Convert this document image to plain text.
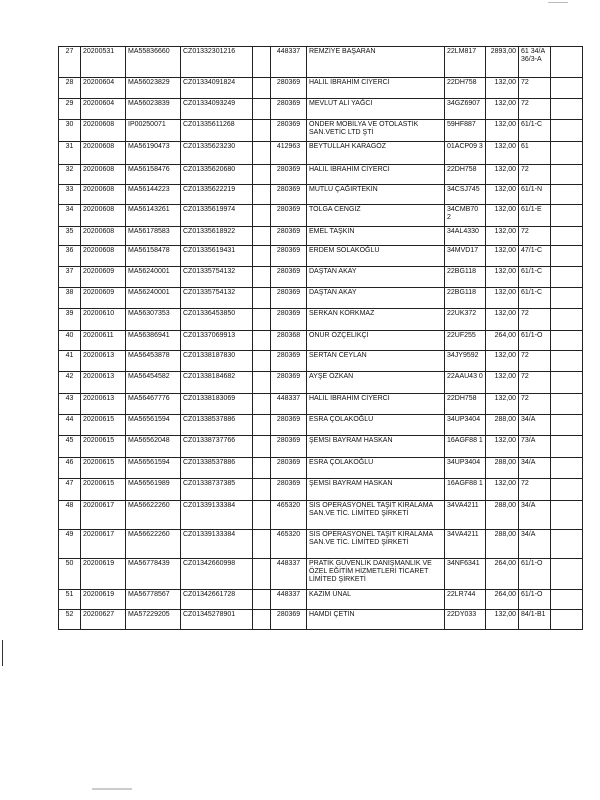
27	20200531	MA55836660	CZ01332301216		448337	REMZİYE BAŞARAN	22LM817	2893,00	61 34/A 36/3-A	
28	20200604	MA56023829	CZ01334091824		280369	HALİL İBRAHİM CİYERCİ	22DH758	132,00	72	
29	20200604	MA56023839	CZ01334093249		280369	MEVLÜT ALİ YAĞCI	34GZ6907	132,00	72	
30	20200608	IP00250071	CZ01335611268		280369	ÖNDER MOBİLYA VE OTOLASTİK SAN.VETİC LTD ŞTİ	59HF887	132,00	61/1-C	
31	20200608	MA56190473	CZ01335623230		412963	BEYTULLAH KARAGÖZ	01ACP09 3	132,00	61	
32	20200608	MA56158476	CZ01335620680		280369	HALİL İBRAHİM CİYERCİ	22DH758	132,00	72	
33	20200608	MA56144223	CZ01335622219		280369	MUTLU ÇAĞIRTEKİN	34CSJ745	132,00	61/1-N	
34	20200608	MA56143261	CZ01335619974		280369	TOLGA CENGİZ	34CMB70 2	132,00	61/1-E	
35	20200608	MA56178583	CZ01335618922		280369	EMEL TAŞKIN	34AL4330	132,00	72	
36	20200608	MA56158478	CZ01335619431		280369	ERDEM SOLAKOĞLU	34MVD17	132,00	47/1-C	
37	20200609	MA56240001	CZ01335754132		280369	DAŞTAN AKAY	22BG118	132,00	61/1-C	
38	20200609	MA56240001	CZ01335754132		280369	DAŞTAN AKAY	22BG118	132,00	61/1-C	
39	20200610	MA56307353	CZ01336453850		280369	SERKAN KORKMAZ	22UK372	132,00	72	
40	20200611	MA56386941	CZ01337069913		280368	ONUR ÖZÇELİKÇİ	22UF255	264,00	61/1-O	
41	20200613	MA56453878	CZ01338187830		280369	SERTAN CEYLAN	34JY9592	132,00	72	
42	20200613	MA56454582	CZ01338184682		280369	AYŞE ÖZKAN	22AAU43 0	132,00	72	
43	20200613	MA56467776	CZ01338183069		448337	HALİL İBRAHİM CİYERCİ	22DH758	132,00	72	
44	20200615	MA56561594	CZ01338537886		280369	ESRA ÇOLAKOĞLU	34UP3404	288,00	34/A	
45	20200615	MA56562048	CZ01338737766		280369	ŞEMSİ BAYRAM HASKAN	16AGF88 1	132,00	73/A	
46	20200615	MA56561594	CZ01338537886		280369	ESRA ÇOLAKOĞLU	34UP3404	288,00	34/A	
47	20200615	MA56561989	CZ01338737385		280369	ŞEMSİ BAYRAM HASKAN	16AGF88 1	132,00	72	
48	20200617	MA56622260	CZ01339133384		465320	SİS OPERASYONEL TAŞIT KİRALAMA SAN.VE TİC. LİMİTED ŞİRKETİ	34VA4211	288,00	34/A	
49	20200617	MA56622260	CZ01339133384		465320	SİS OPERASYONEL TAŞIT KİRALAMA SAN.VE TİC. LİMİTED ŞİRKETİ	34VA4211	288,00	34/A	
50	20200619	MA56778439	CZ01342660998		448337	PRATİK GÜVENLİK DANIŞMANLIK VE ÖZEL EĞİTİM HİZMETLERİ TİCARET LİMİTED ŞİRKETİ	34NF6341	264,00	61/1-O	
51	20200619	MA56778567	CZ01342661728		448337	KAZIM ÜNAL	22LR744	264,00	61/1-O	
52	20200627	MA57229205	CZ01345278901		280369	HAMDİ ÇETİN	22DY033	132,00	84/1-B1	
